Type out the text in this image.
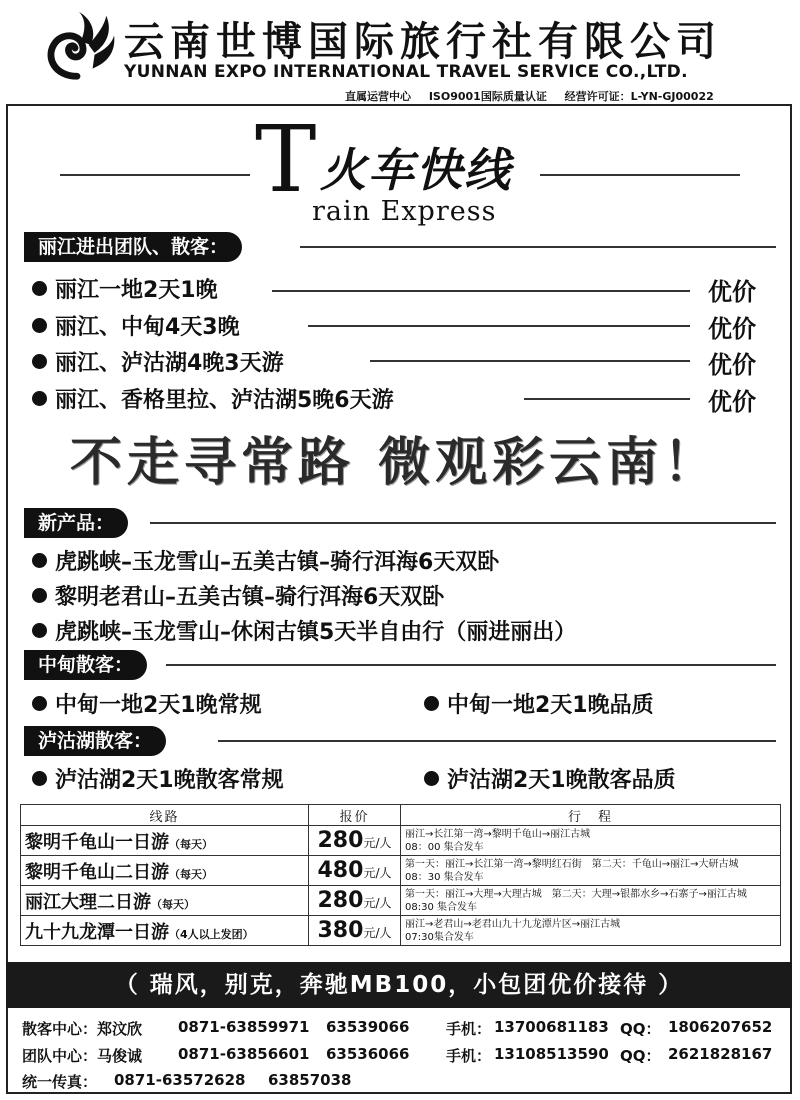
云南世博国际旅行社有限公司
YUNNAN EXPO INTERNATIONAL TRAVEL SERVICE CO.,LTD.
直属运营中心 ISO9001国际质量认证 经营许可证：L-YN-GJ00022
T 火车快线
rain Express
丽江进出团队、散客：
丽江一地2天1晚	优价
丽江、中甸4天3晚	优价
丽江、泸沽湖4晚3天游	优价
丽江、香格里拉、泸沽湖5晚6天游	优价
不走寻常路 微观彩云南！
新产品：
虎跳峡–玉龙雪山–五美古镇–骑行洱海6天双卧
黎明老君山–五美古镇–骑行洱海6天双卧
虎跳峡–玉龙雪山–休闲古镇5天半自由行（丽进丽出）
中甸散客：
中甸一地2天1晚常规	中甸一地2天1晚品质
泸沽湖散客：
泸沽湖2天1晚散客常规	泸沽湖2天1晚散客品质
线路	报价	行　程
黎明千龟山一日游（每天）	280元/人	丽江→长江第一湾→黎明千龟山→丽江古城
08：00 集合发车

黎明千龟山二日游（每天）	480元/人	第一天：丽江→长江第一湾→黎明红石街　第二天：千龟山→丽江→大研古城
08：30 集合发车

丽江大理二日游（每天）	280元/人	第一天：丽江→大理→大理古城　第二天：大理→银都水乡→石寨子→丽江古城
08:30 集合发车

九十九龙潭一日游（4人以上发团）	380元/人	丽江→老君山→老君山九十九龙潭片区→丽江古城
07:30集合发车
（ 瑞风，别克，奔驰MB100，小包团优价接待 ）
散客中心：郑汶欣 0871-63859971 63539066 手机： 13700681183 QQ： 1806207652
团队中心：马俊诚 0871-63856601 63536066 手机： 13108513590 QQ： 2621828167
统一传真： 0871-63572628 63857038
